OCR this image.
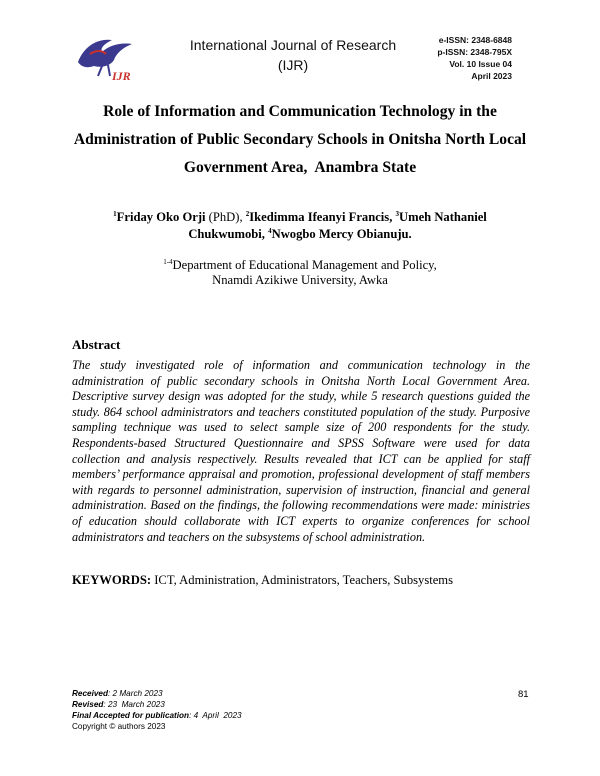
IJR
International Journal of Research
(IJR)
e-ISSN: 2348-6848
p-ISSN: 2348-795X
Vol. 10 Issue 04
April 2023
Role of Information and Communication Technology in the
Administration of Public Secondary Schools in Onitsha North Local
Government Area,  Anambra State
$^1$Friday Oko Orji (PhD), $^2$Ikedimma Ifeanyi Francis, $^3$Umeh Nathaniel Chukwumobi, $^4$Nwogbo Mercy Obianuju.
$^{1-4}$Department of Educational Management and Policy,
Nnamdi Azikiwe University, Awka
Abstract
The study investigated role of information and communication technology in the administration of public secondary schools in Onitsha North Local Government Area. Descriptive survey design was adopted for the study, while 5 research questions guided the study. 864 school administrators and teachers constituted population of the study. Purposive sampling technique was used to select sample size of 200 respondents for the study. Respondents-based Structured Questionnaire and SPSS Software were used for data collection and analysis respectively. Results revealed that ICT can be applied for staff members’ performance appraisal and promotion, professional development of staff members with regards to personnel administration, supervision of instruction, financial and general administration. Based on the findings, the following recommendations were made: ministries of education should collaborate with ICT experts to organize conferences for school administrators and teachers on the subsystems of school administration.
KEYWORDS: ICT, Administration, Administrators, Teachers, Subsystems
Received: 2 March 2023
Revised: 23  March 2023
Final Accepted for publication: 4  April  2023
Copyright © authors 2023
81
